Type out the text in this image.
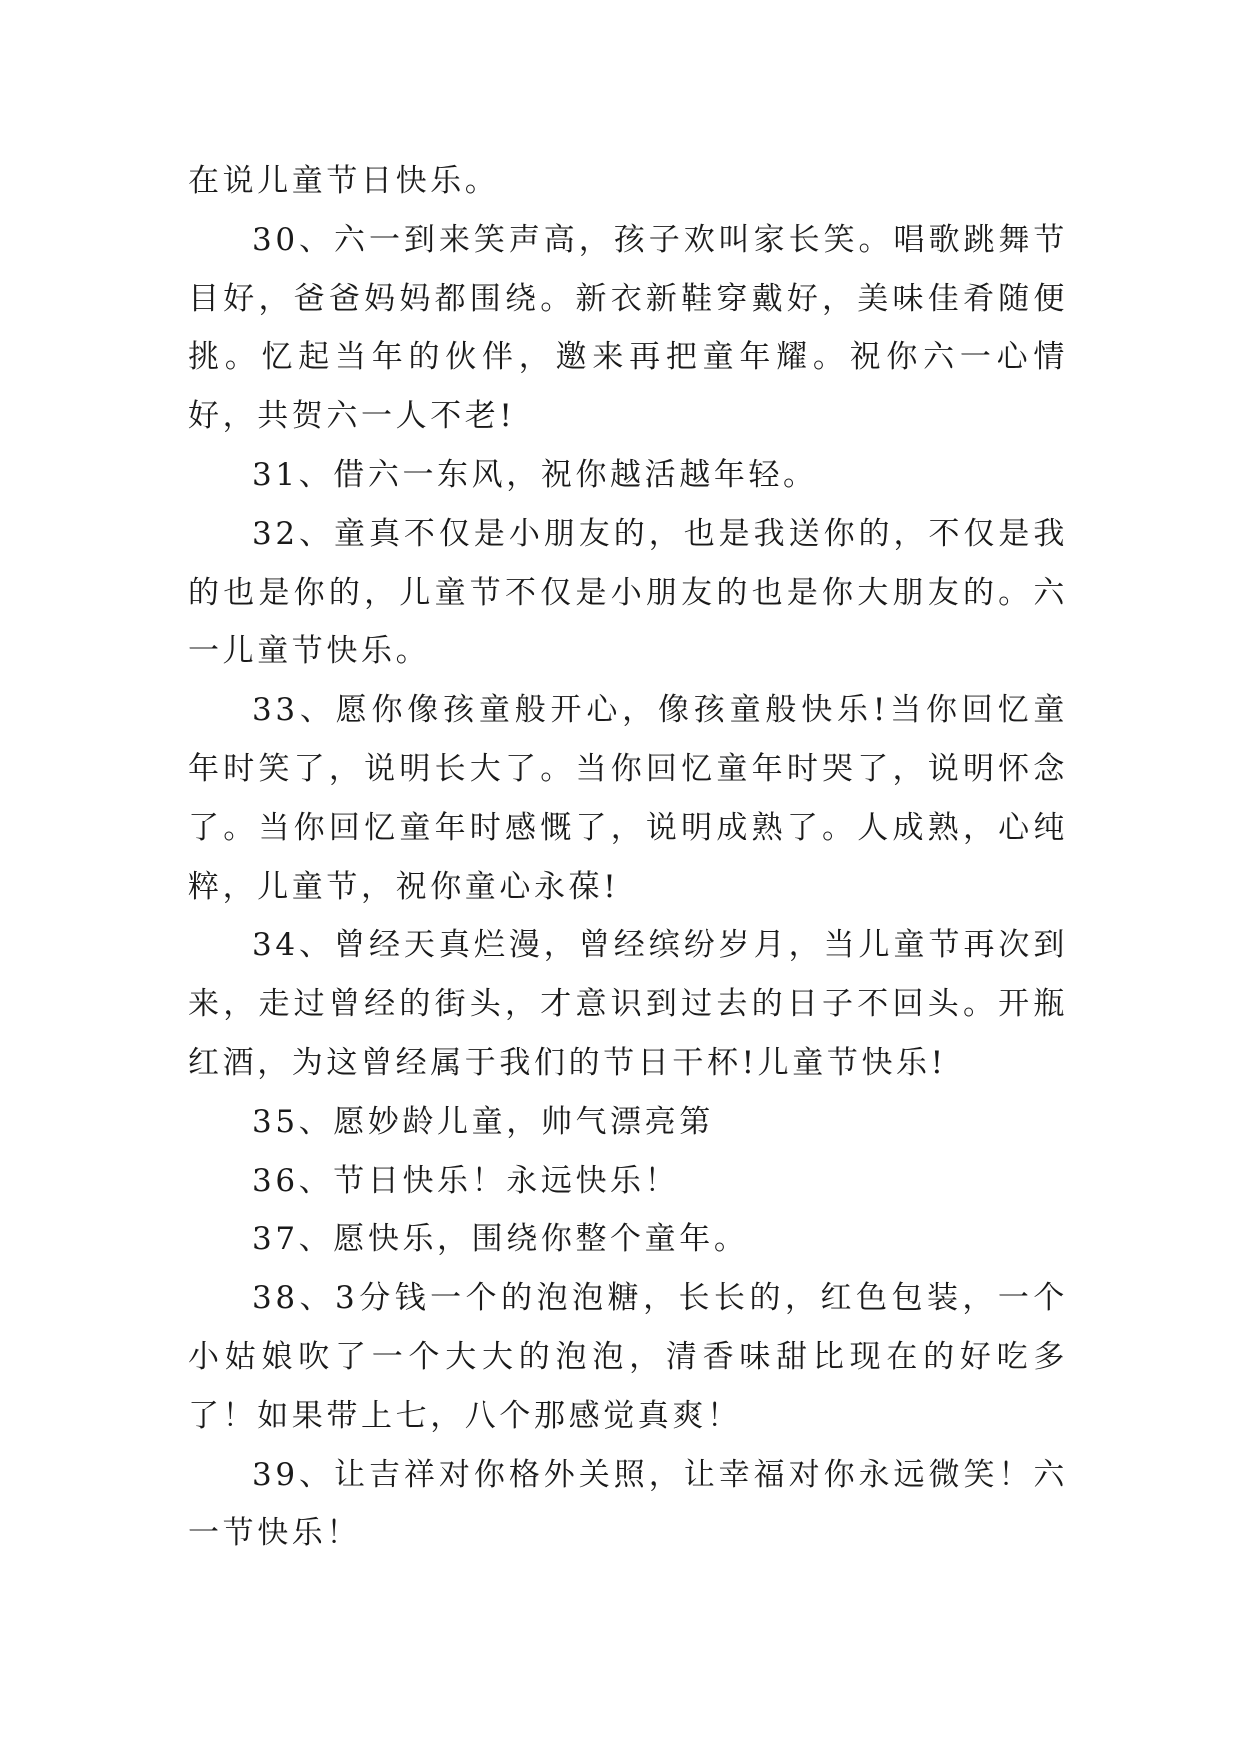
在说儿童节日快乐。

30、六一到来笑声高，孩子欢叫家长笑。唱歌跳舞节目好，爸爸妈妈都围绕。新衣新鞋穿戴好，美味佳肴随便挑。忆起当年的伙伴，邀来再把童年耀。祝你六一心情好，共贺六一人不老!

31、借六一东风，祝你越活越年轻。

32、童真不仅是小朋友的，也是我送你的，不仅是我的也是你的，儿童节不仅是小朋友的也是你大朋友的。六一儿童节快乐。

33、愿你像孩童般开心，像孩童般快乐!当你回忆童年时笑了，说明长大了。当你回忆童年时哭了，说明怀念了。当你回忆童年时感慨了，说明成熟了。人成熟，心纯粹，儿童节，祝你童心永葆!

34、曾经天真烂漫，曾经缤纷岁月，当儿童节再次到来，走过曾经的街头，才意识到过去的日子不回头。开瓶红酒，为这曾经属于我们的节日干杯!儿童节快乐!

35、愿妙龄儿童，帅气漂亮第

36、节日快乐！永远快乐！

37、愿快乐，围绕你整个童年。

38、3分钱一个的泡泡糖，长长的，红色包装，一个小姑娘吹了一个大大的泡泡，清香味甜比现在的好吃多了！如果带上七，八个那感觉真爽！

39、让吉祥对你格外关照，让幸福对你永远微笑！六一节快乐！
